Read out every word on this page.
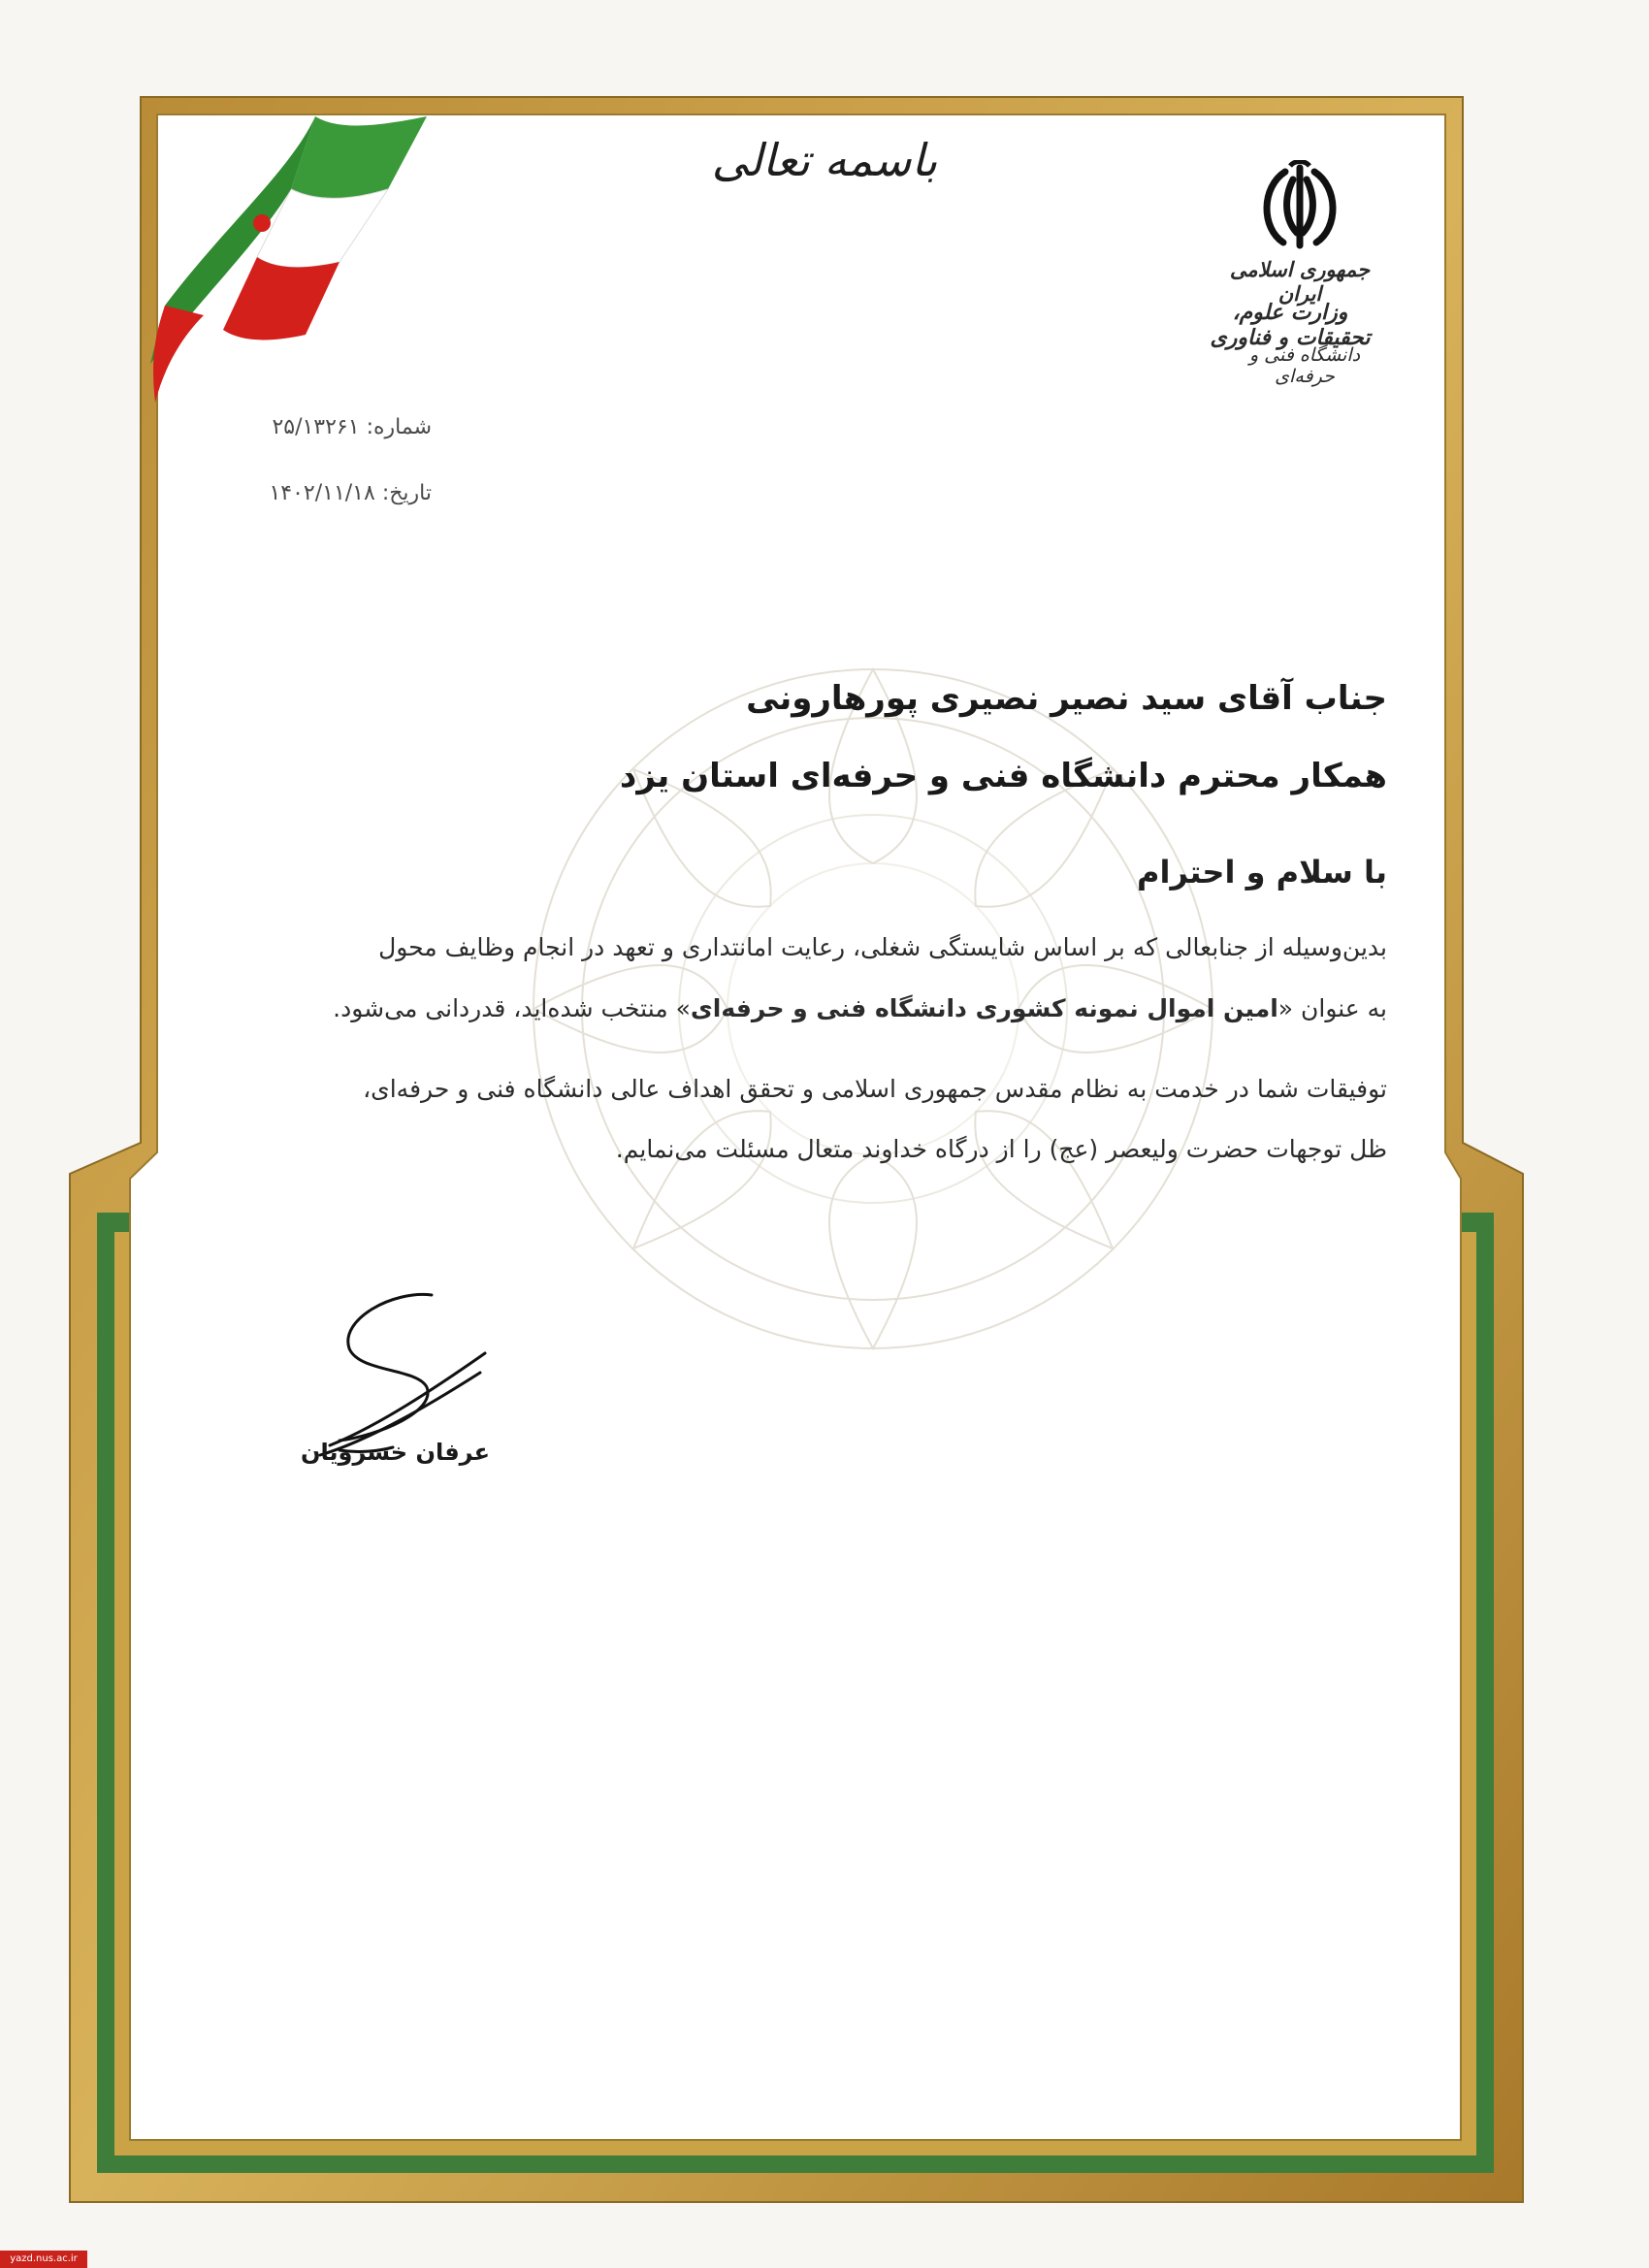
باسمه تعالی
جمهوری اسلامی ایران
وزارت علوم، تحقیقات و فناوری
دانشگاه فنی و حرفه‌ای
شماره: ۲۵/۱۳۲۶۱
تاریخ: ۱۴۰۲/۱۱/۱۸
جناب آقای سید نصیر نصیری پورهارونی
همکار محترم دانشگاه فنی و حرفه‌ای استان یزد
با سلام و احترام
بدین‌وسیله از جنابعالی که بر اساس شایستگی شغلی، رعایت امانتداری و تعهد در انجام وظایف محول
به عنوان «امین اموال نمونه کشوری دانشگاه فنی و حرفه‌ای» منتخب شده‌اید، قدردانی می‌شود.
توفیقات شما در خدمت به نظام مقدس جمهوری اسلامی و تحقق اهداف عالی دانشگاه فنی و حرفه‌ای،
ظل توجهات حضرت ولیعصر (عج) را از درگاه خداوند متعال مسئلت می‌نمایم.
عرفان خسرویان
yazd.nus.ac.ir
